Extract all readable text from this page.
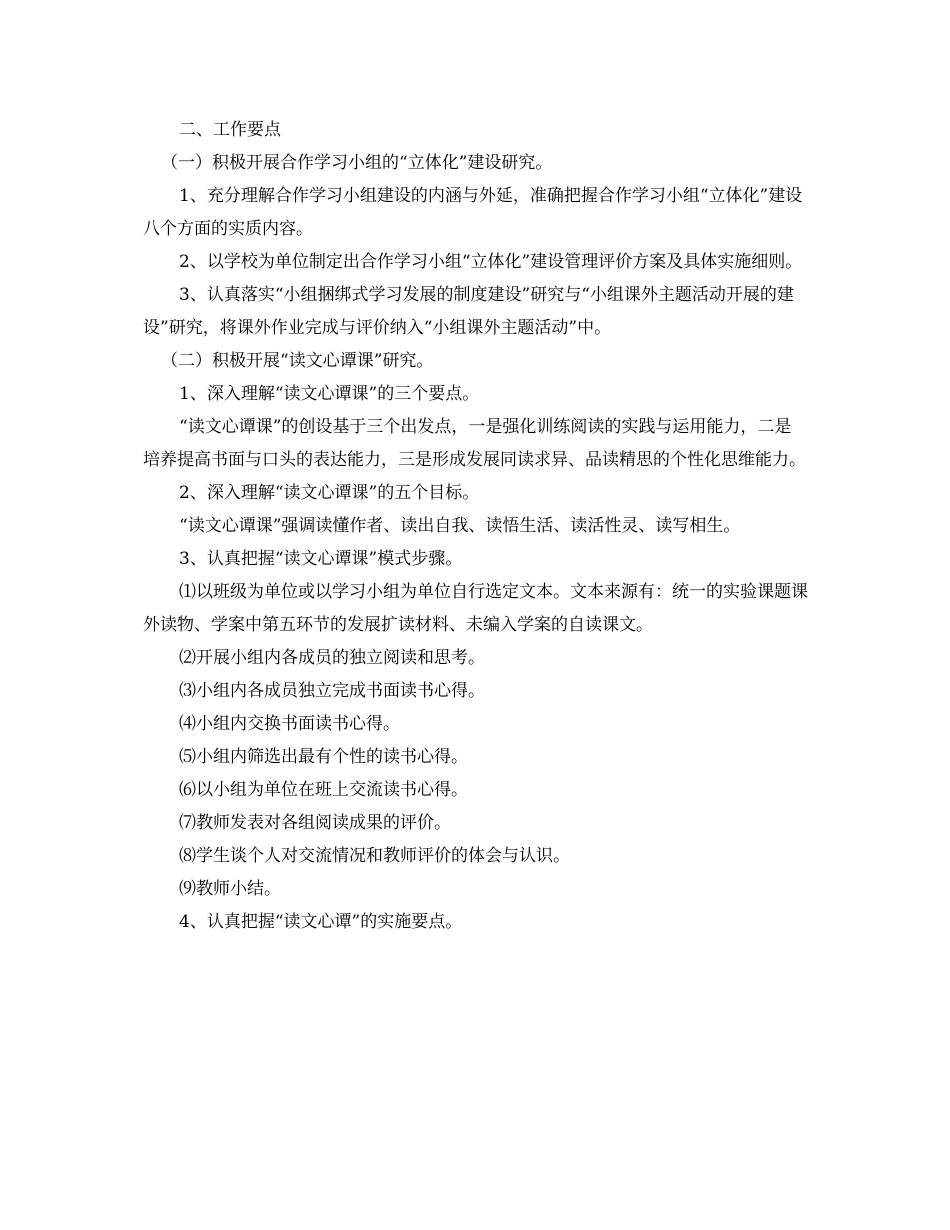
二、工作要点

（一）积极开展合作学习小组的“立体化”建设研究。

1、充分理解合作学习小组建设的内涵与外延，准确把握合作学习小组“立体化”建设八个方面的实质内容。

2、以学校为单位制定出合作学习小组“立体化”建设管理评价方案及具体实施细则。

3、认真落实“小组捆绑式学习发展的制度建设”研究与“小组课外主题活动开展的建设”研究，将课外作业完成与评价纳入“小组课外主题活动”中。

（二）积极开展“读文心谭课”研究。

1、深入理解“读文心谭课”的三个要点。

“读文心谭课”的创设基于三个出发点，一是强化训练阅读的实践与运用能力，二是培养提高书面与口头的表达能力，三是形成发展同读求异、品读精思的个性化思维能力。

2、深入理解“读文心谭课”的五个目标。

“读文心谭课”强调读懂作者、读出自我、读悟生活、读活性灵、读写相生。

3、认真把握“读文心谭课”模式步骤。

⑴以班级为单位或以学习小组为单位自行选定文本。文本来源有：统一的实验课题课外读物、学案中第五环节的发展扩读材料、未编入学案的自读课文。

⑵开展小组内各成员的独立阅读和思考。

⑶小组内各成员独立完成书面读书心得。

⑷小组内交换书面读书心得。

⑸小组内筛选出最有个性的读书心得。

⑹以小组为单位在班上交流读书心得。

⑺教师发表对各组阅读成果的评价。

⑻学生谈个人对交流情况和教师评价的体会与认识。

⑼教师小结。

4、认真把握“读文心谭”的实施要点。
